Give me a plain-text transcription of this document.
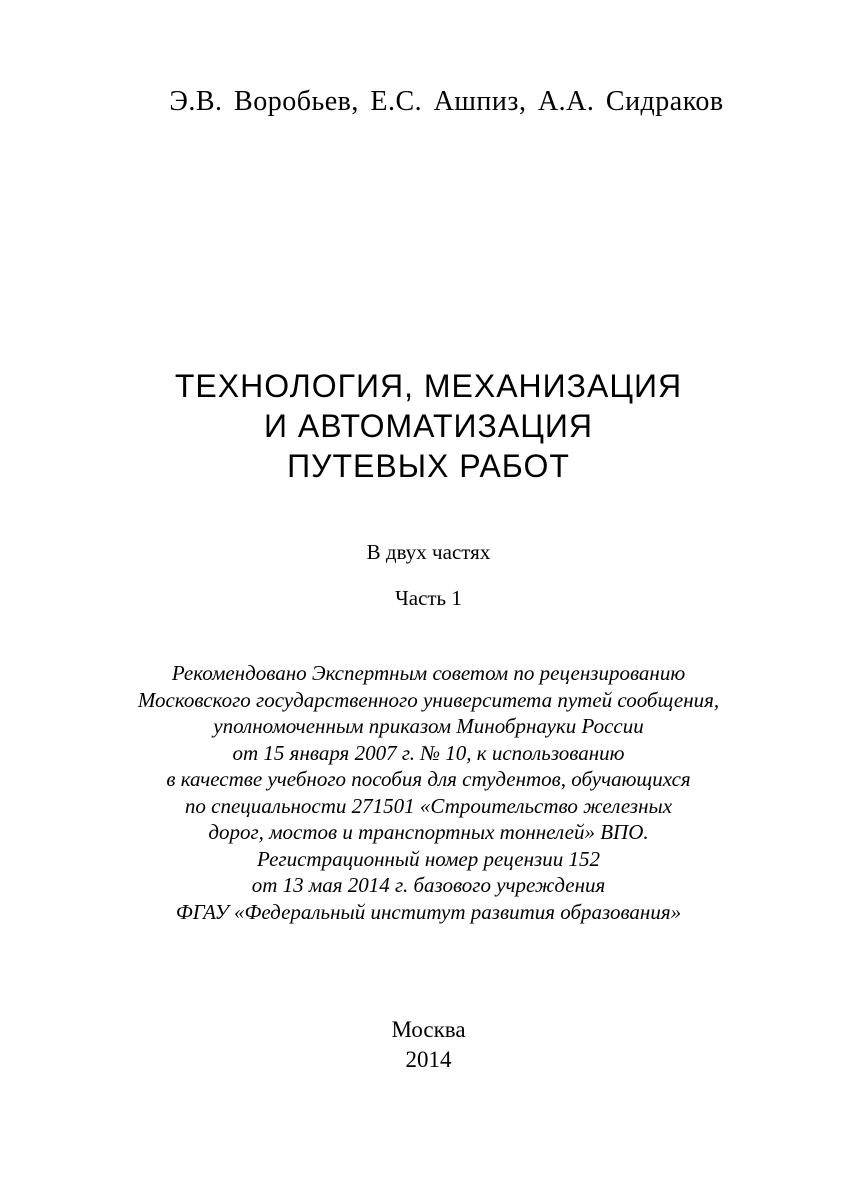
Э.В. Воробьев, Е.С. Ашпиз, А.А. Сидраков
ТЕХНОЛОГИЯ, МЕХАНИЗАЦИЯ
И АВТОМАТИЗАЦИЯ
ПУТЕВЫХ РАБОТ
В двух частях
Часть 1
Рекомендовано Экспертным советом по рецензированию
Московского государственного университета путей сообщения,
уполномоченным приказом Минобрнауки России
от 15 января 2007 г. № 10, к использованию
в качестве учебного пособия для студентов, обучающихся
по специальности 271501 «Строительство железных
дорог, мостов и транспортных тоннелей» ВПО.
Регистрационный номер рецензии 152
от 13 мая 2014 г. базового учреждения
ФГАУ «Федеральный институт развития образования»
Москва
2014
